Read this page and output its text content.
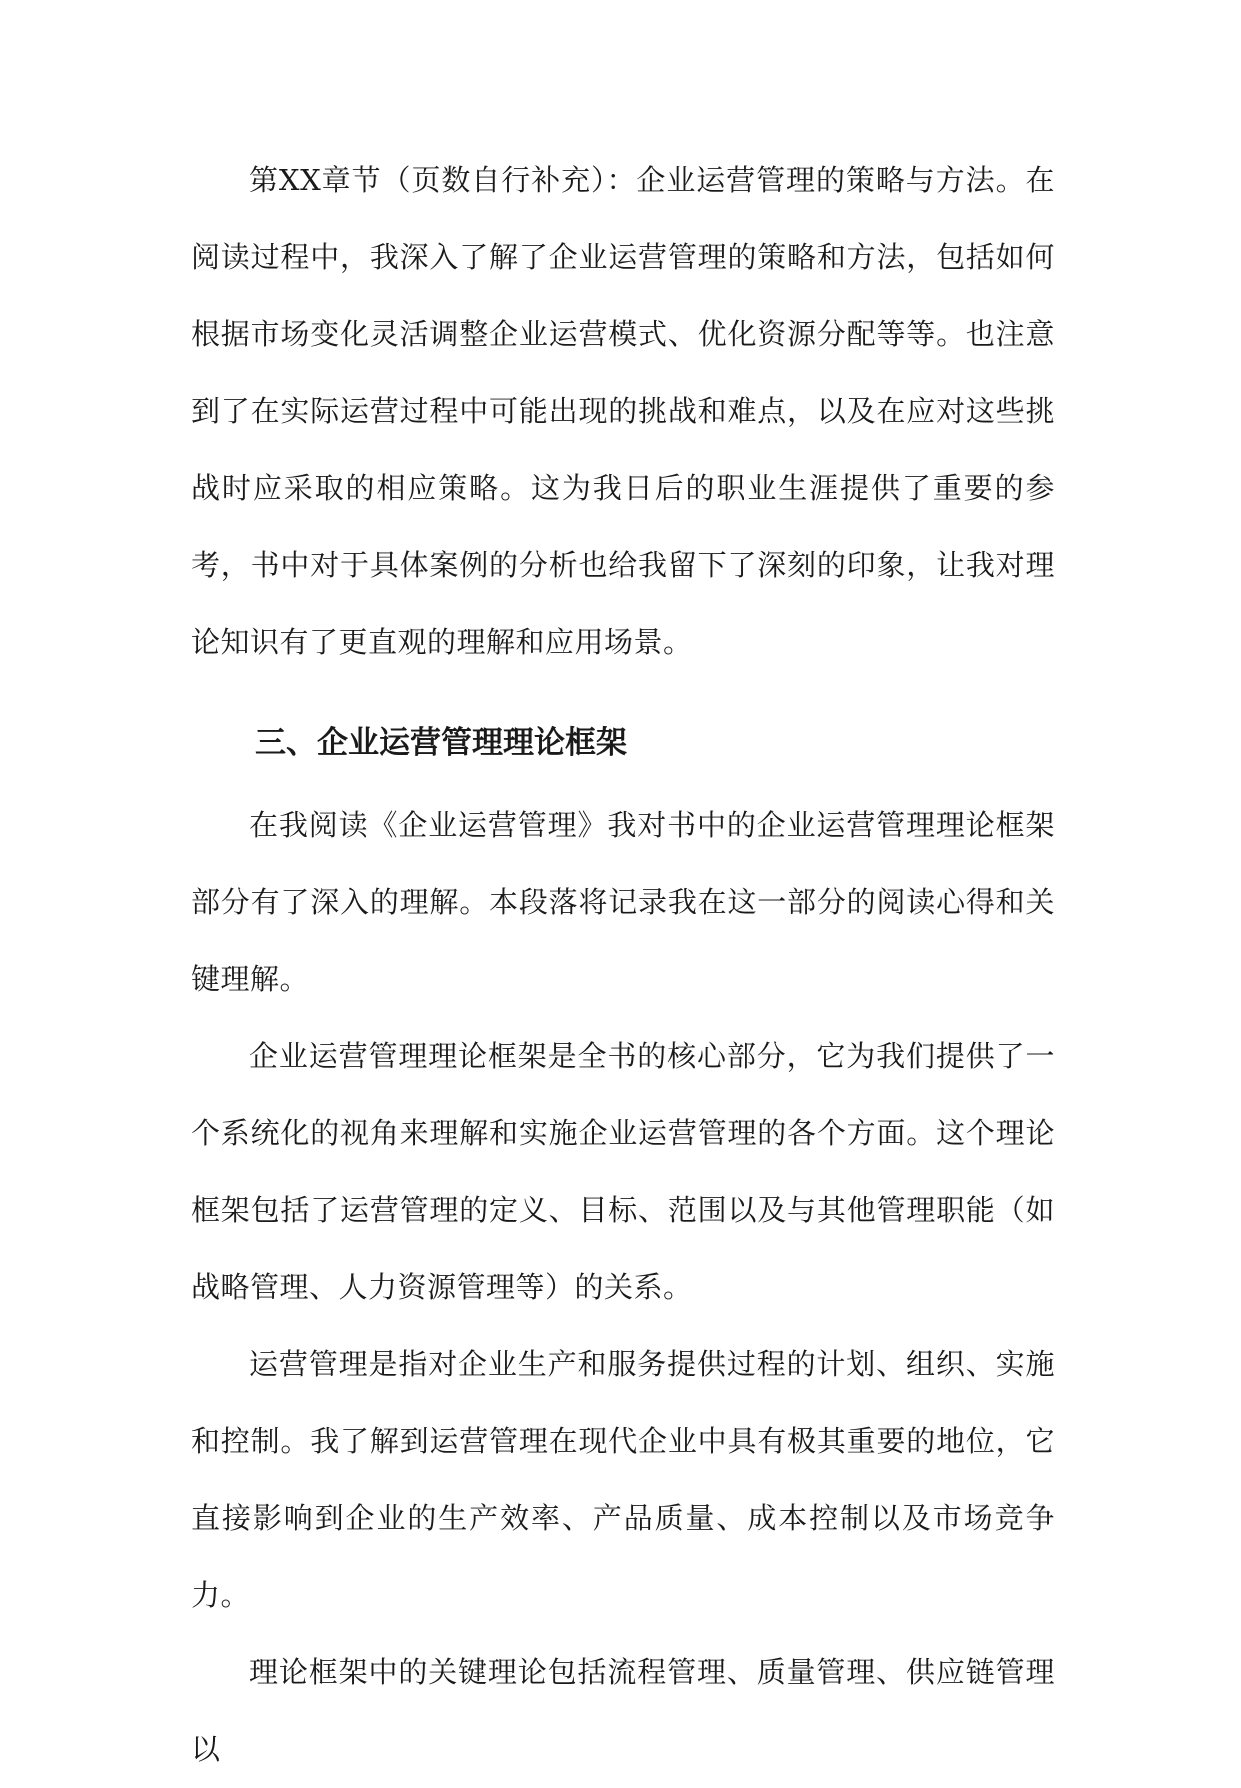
第XX章节（页数自行补充）：企业运营管理的策略与方法。在阅读过程中，我深入了解了企业运营管理的策略和方法，包括如何根据市场变化灵活调整企业运营模式、优化资源分配等等。也注意到了在实际运营过程中可能出现的挑战和难点，以及在应对这些挑战时应采取的相应策略。这为我日后的职业生涯提供了重要的参考，书中对于具体案例的分析也给我留下了深刻的印象，让我对理论知识有了更直观的理解和应用场景。

三、企业运营管理理论框架

在我阅读《企业运营管理》我对书中的企业运营管理理论框架部分有了深入的理解。本段落将记录我在这一部分的阅读心得和关键理解。

企业运营管理理论框架是全书的核心部分，它为我们提供了一个系统化的视角来理解和实施企业运营管理的各个方面。这个理论框架包括了运营管理的定义、目标、范围以及与其他管理职能（如战略管理、人力资源管理等）的关系。

运营管理是指对企业生产和服务提供过程的计划、组织、实施和控制。我了解到运营管理在现代企业中具有极其重要的地位，它直接影响到企业的生产效率、产品质量、成本控制以及市场竞争力。

理论框架中的关键理论包括流程管理、质量管理、供应链管理以
